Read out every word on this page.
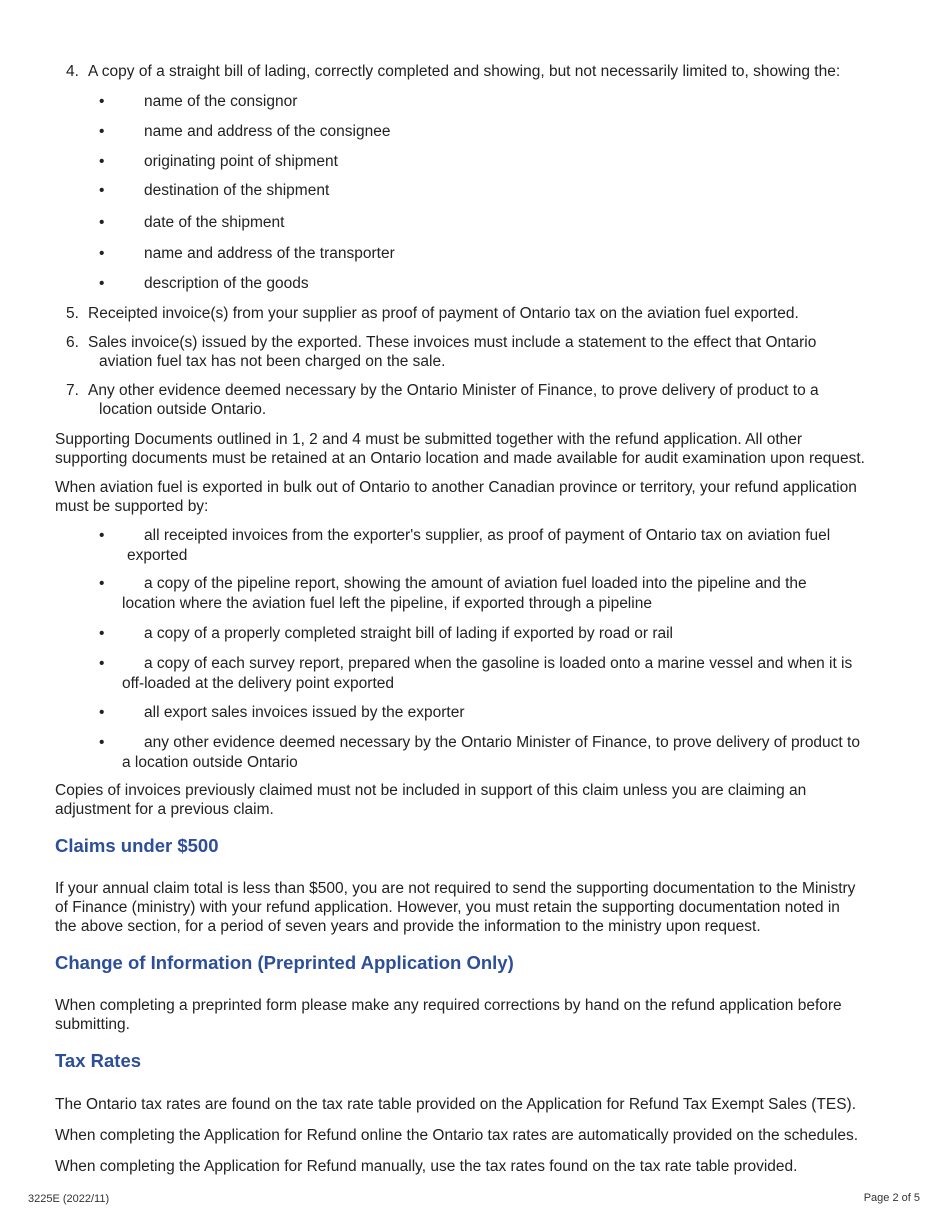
4. A copy of a straight bill of lading, correctly completed and showing, but not necessarily limited to, showing the:
•	name of the consignor
•	name and address of the consignee
•	originating point of shipment
•	destination of the shipment
•	date of the shipment
•	name and address of the transporter
•	description of the goods
5. Receipted invoice(s) from your supplier as proof of payment of Ontario tax on the aviation fuel exported.
6. Sales invoice(s) issued by the exported. These invoices must include a statement to the effect that Ontario
aviation fuel tax has not been charged on the sale.
7. Any other evidence deemed necessary by the Ontario Minister of Finance, to prove delivery of product to a
location outside Ontario.
Supporting Documents outlined in 1, 2 and 4 must be submitted together with the refund application. All other
supporting documents must be retained at an Ontario location and made available for audit examination upon request.
When aviation fuel is exported in bulk out of Ontario to another Canadian province or territory, your refund application
must be supported by:
•	all receipted invoices from the exporter's supplier, as proof of payment of Ontario tax on aviation fuel
exported
•	a copy of the pipeline report, showing the amount of aviation fuel loaded into the pipeline and the
location where the aviation fuel left the pipeline, if exported through a pipeline
•	a copy of a properly completed straight bill of lading if exported by road or rail
•	a copy of each survey report, prepared when the gasoline is loaded onto a marine vessel and when it is
off-loaded at the delivery point exported
•	all export sales invoices issued by the exporter
•	any other evidence deemed necessary by the Ontario Minister of Finance, to prove delivery of product to
a location outside Ontario
Copies of invoices previously claimed must not be included in support of this claim unless you are claiming an
adjustment for a previous claim.
Claims under $500
If your annual claim total is less than $500, you are not required to send the supporting documentation to the Ministry
of Finance (ministry) with your refund application. However, you must retain the supporting documentation noted in
the above section, for a period of seven years and provide the information to the ministry upon request.
Change of Information (Preprinted Application Only)
When completing a preprinted form please make any required corrections by hand on the refund application before
submitting.
Tax Rates
The Ontario tax rates are found on the tax rate table provided on the Application for Refund Tax Exempt Sales (TES).
When completing the Application for Refund online the Ontario tax rates are automatically provided on the schedules.
When completing the Application for Refund manually, use the tax rates found on the tax rate table provided.
3225E (2022/11)	Page 2 of 5
